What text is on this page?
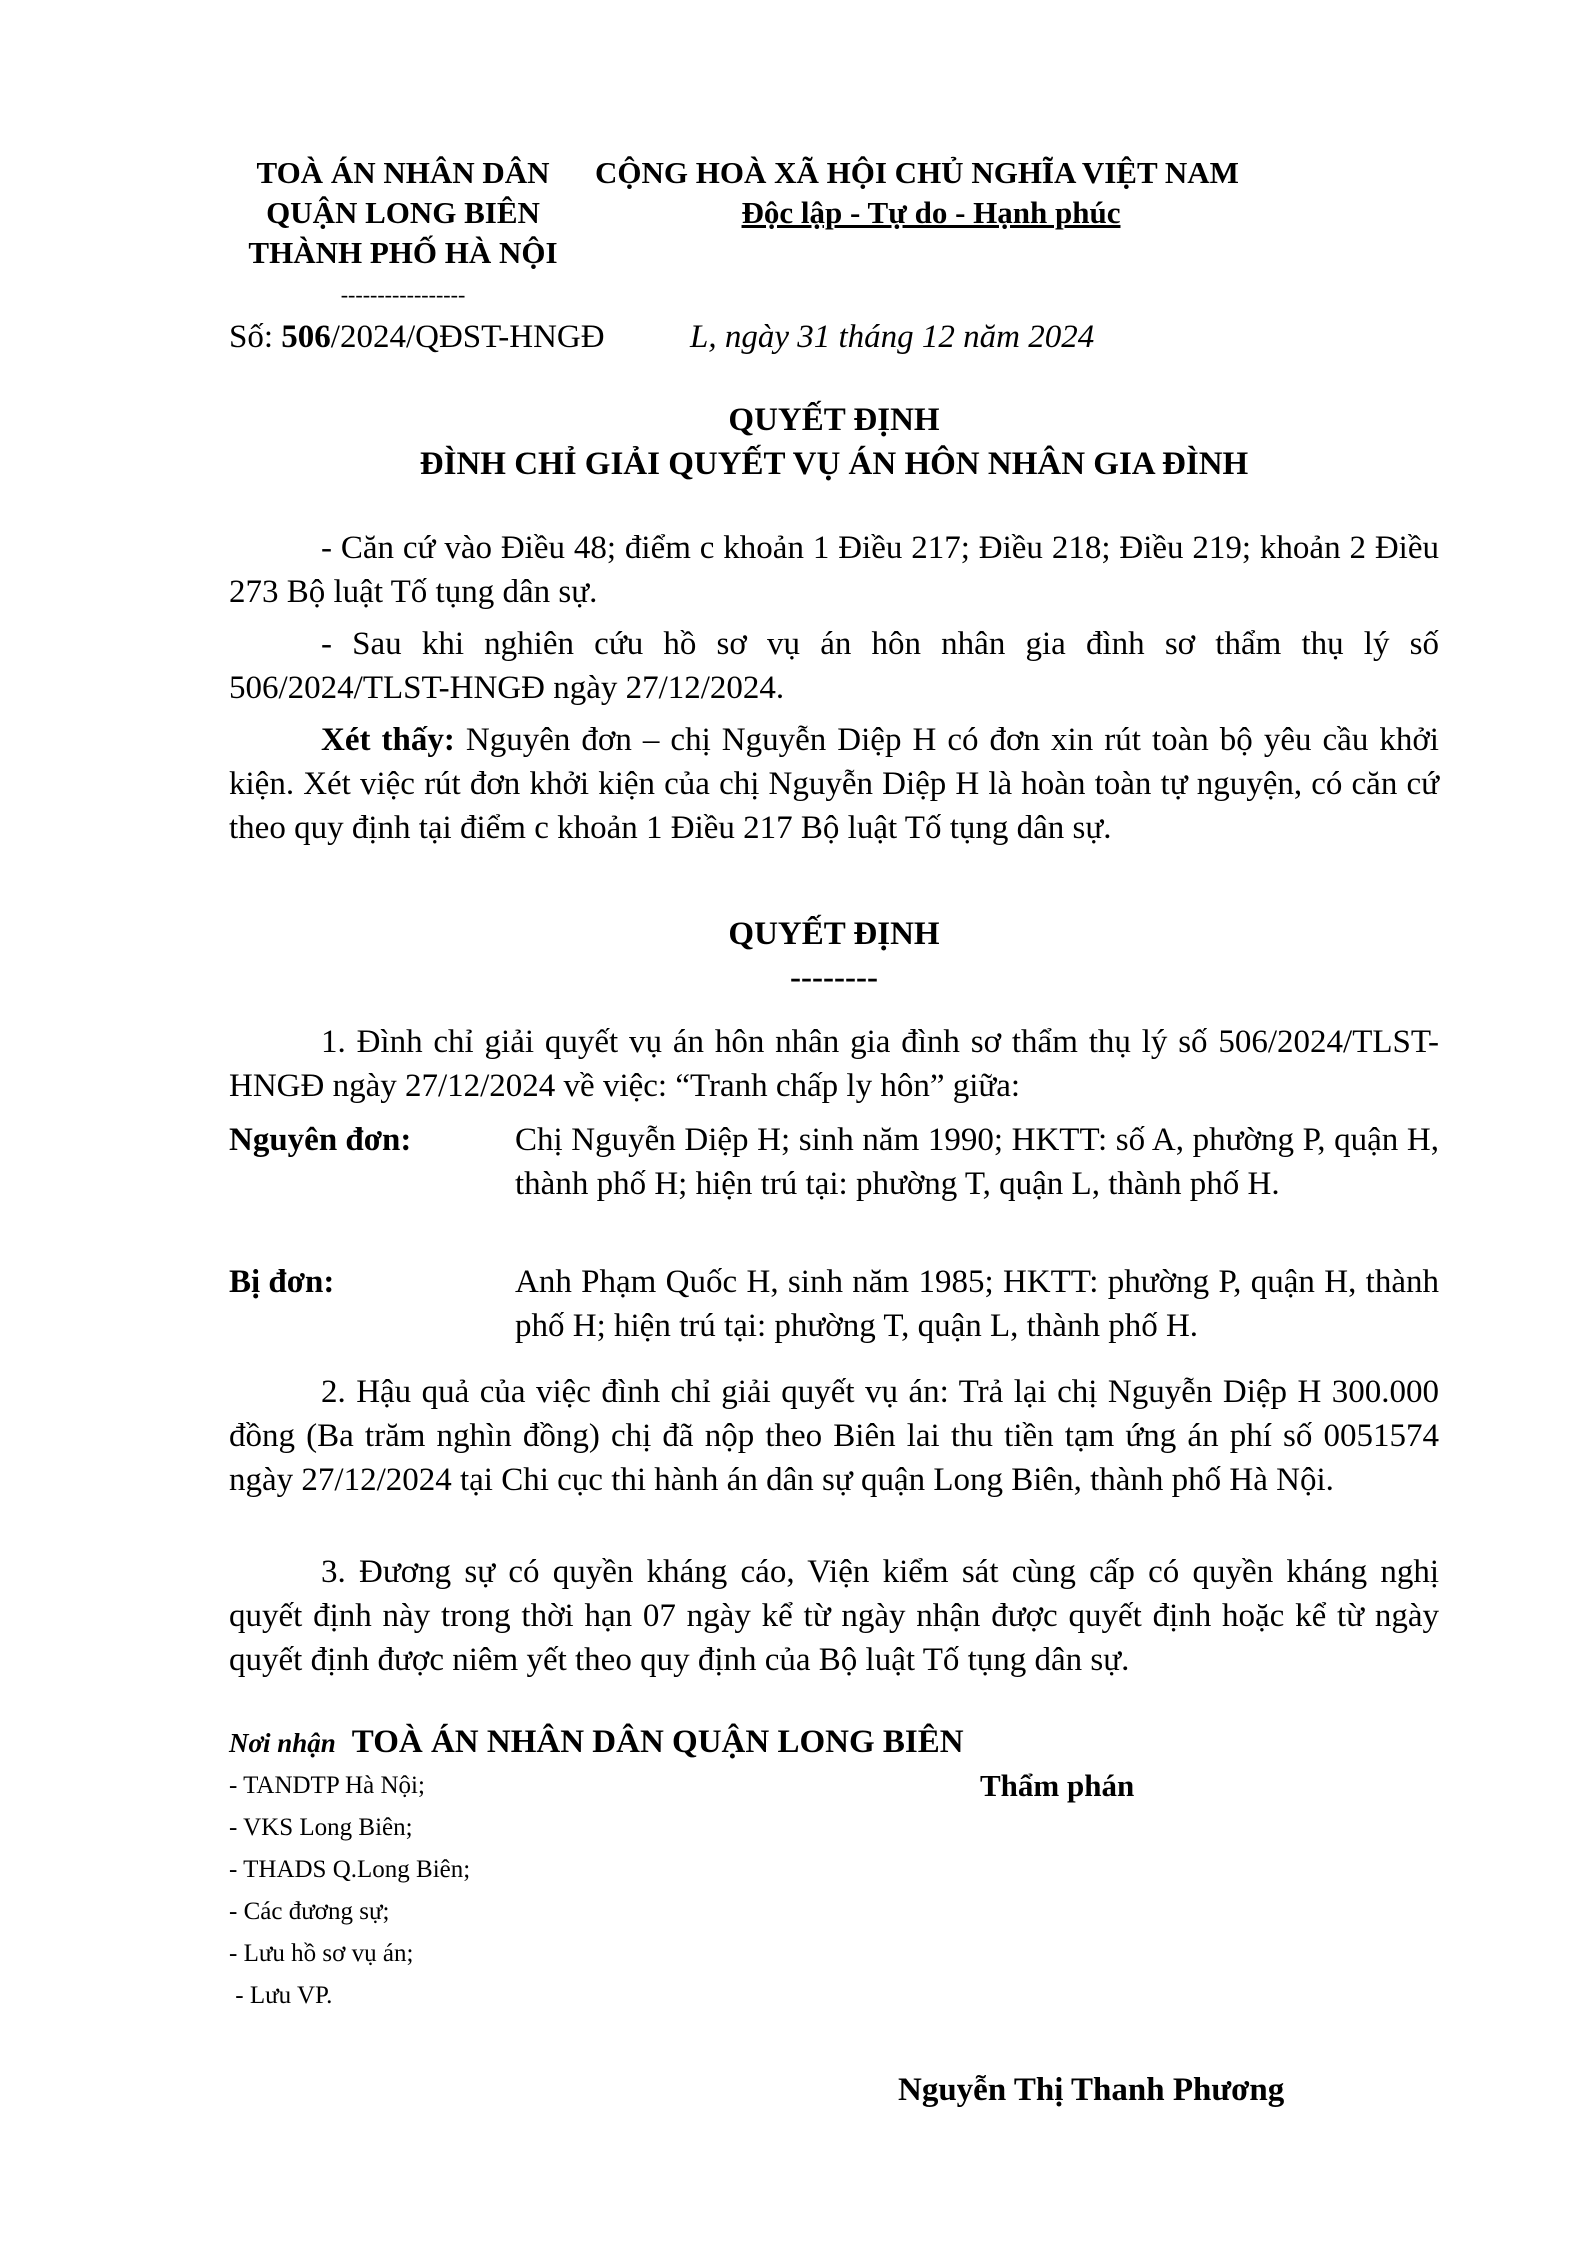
TOÀ ÁN NHÂN DÂN
QUẬN LONG BIÊN
THÀNH PHỐ HÀ NỘI
-----------------
CỘNG HOÀ XÃ HỘI CHỦ NGHĨA VIỆT NAM
Độc lập - Tự do - Hạnh phúc
Số: 506/2024/QĐST-HNGĐ	L, ngày 31 tháng 12 năm 2024
QUYẾT ĐỊNH
ĐÌNH CHỈ GIẢI QUYẾT VỤ ÁN HÔN NHÂN GIA ĐÌNH
- Căn cứ vào Điều 48; điểm c khoản 1 Điều 217; Điều 218; Điều 219; khoản 2 Điều 273 Bộ luật Tố tụng dân sự.
- Sau khi nghiên cứu hồ sơ vụ án hôn nhân gia đình sơ thẩm thụ lý số 506/2024/TLST-HNGĐ ngày 27/12/2024.
Xét thấy: Nguyên đơn – chị Nguyễn Diệp H có đơn xin rút toàn bộ yêu cầu khởi kiện. Xét việc rút đơn khởi kiện của chị Nguyễn Diệp H là hoàn toàn tự nguyện, có căn cứ theo quy định tại điểm c khoản 1 Điều 217 Bộ luật Tố tụng dân sự.
QUYẾT ĐỊNH
--------
1. Đình chỉ giải quyết vụ án hôn nhân gia đình sơ thẩm thụ lý số 506/2024/TLST-HNGĐ ngày 27/12/2024 về việc: “Tranh chấp ly hôn” giữa:
Nguyên đơn:	Chị Nguyễn Diệp H; sinh năm 1990; HKTT: số A, phường P, quận H, thành phố H; hiện trú tại: phường T, quận L, thành phố H.
Bị đơn:	Anh Phạm Quốc H, sinh năm 1985; HKTT: phường P, quận H, thành phố H; hiện trú tại: phường T, quận L, thành phố H.
2. Hậu quả của việc đình chỉ giải quyết vụ án: Trả lại chị Nguyễn Diệp H 300.000 đồng (Ba trăm nghìn đồng) chị đã nộp theo Biên lai thu tiền tạm ứng án phí số 0051574 ngày 27/12/2024 tại Chi cục thi hành án dân sự quận Long Biên, thành phố Hà Nội.
3. Đương sự có quyền kháng cáo, Viện kiểm sát cùng cấp có quyền kháng nghị quyết định này trong thời hạn 07 ngày kể từ ngày nhận được quyết định hoặc kể từ ngày quyết định được niêm yết theo quy định của Bộ luật Tố tụng dân sự.
Nơi nhận TOÀ ÁN NHÂN DÂN QUẬN LONG BIÊN
Thẩm phán
- TANDTP Hà Nội;
- VKS Long Biên;
- THADS Q.Long Biên;
- Các đương sự;
- Lưu hồ sơ vụ án;
- Lưu VP.
Nguyễn Thị Thanh Phương
